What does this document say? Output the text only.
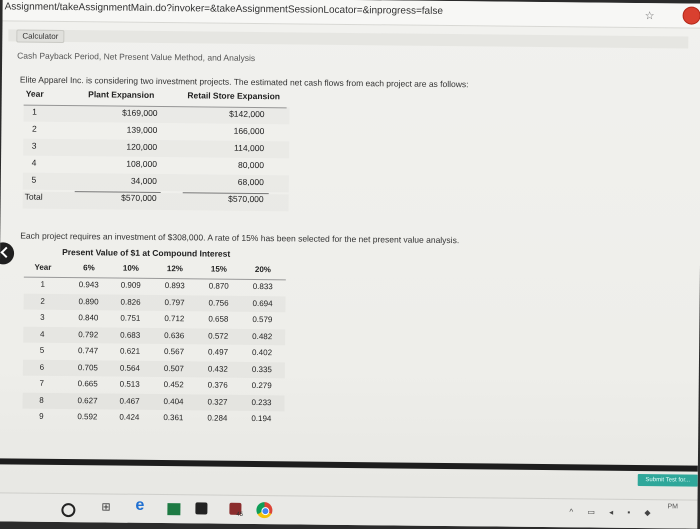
Assignment/takeAssignmentMain.do?invoker=&takeAssignmentSessionLocator=&inprogress=false	☆
Calculator
Cash Payback Period, Net Present Value Method, and Analysis
Elite Apparel Inc. is considering two investment projects. The estimated net cash flows from each project are as follows:
Year	Plant Expansion	Retail Store Expansion
1	$169,000	$142,000
2	139,000	166,000
3	120,000	114,000
4	108,000	80,000
5	34,000	68,000
Total	$570,000	$570,000
Each project requires an investment of $308,000. A rate of 15% has been selected for the net present value analysis.
Present Value of $1 at Compound Interest
Year	6%	10%	12%	15%	20%
1	0.943	0.909	0.893	0.870	0.833
2	0.890	0.826	0.797	0.756	0.694
3	0.840	0.751	0.712	0.658	0.579
4	0.792	0.683	0.636	0.572	0.482
5	0.747	0.621	0.567	0.497	0.402
6	0.705	0.564	0.507	0.432	0.335
7	0.665	0.513	0.452	0.376	0.279
8	0.627	0.467	0.404	0.327	0.233
9	0.592	0.424	0.361	0.284	0.194
Submit Test for...
⊞	e
45	^ ▭ ◂ ▪ ◆
PM
